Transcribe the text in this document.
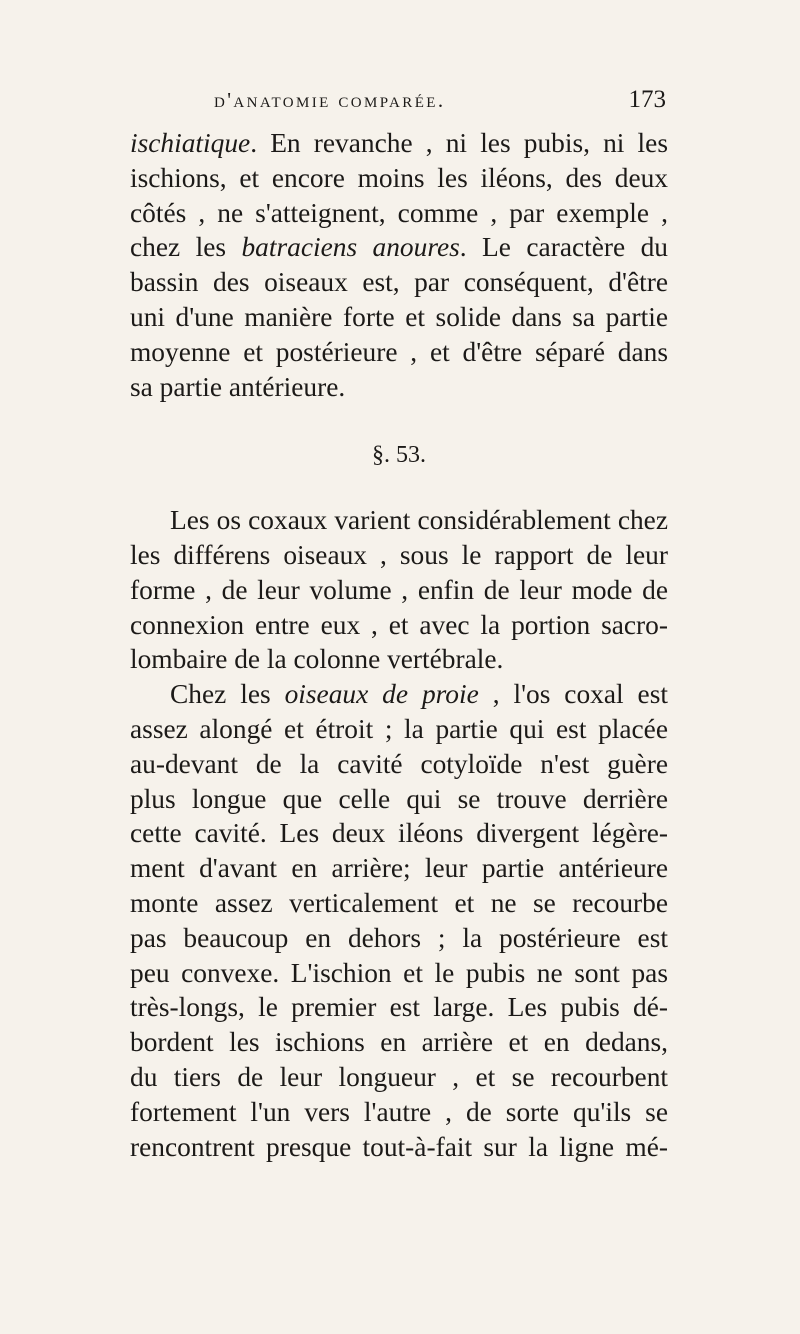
d'anatomie comparée.	173
ischiatique. En revanche , ni les pubis, ni les
ischions, et encore moins les iléons, des deux
côtés , ne s'atteignent, comme , par exemple ,
chez les batraciens anoures. Le caractère du
bassin des oiseaux est, par conséquent, d'être
uni d'une manière forte et solide dans sa partie
moyenne et postérieure , et d'être séparé dans
sa partie antérieure.
§. 53.
Les os coxaux varient considérablement chez
les différens oiseaux , sous le rapport de leur
forme , de leur volume , enfin de leur mode de
connexion entre eux , et avec la portion sacro-
lombaire de la colonne vertébrale.
Chez les oiseaux de proie , l'os coxal est
assez alongé et étroit ; la partie qui est placée
au-devant de la cavité cotyloïde n'est guère
plus longue que celle qui se trouve derrière
cette cavité. Les deux iléons divergent légère-
ment d'avant en arrière; leur partie antérieure
monte assez verticalement et ne se recourbe
pas beaucoup en dehors ; la postérieure est
peu convexe. L'ischion et le pubis ne sont pas
très-longs, le premier est large. Les pubis dé-
bordent les ischions en arrière et en dedans,
du tiers de leur longueur , et se recourbent
fortement l'un vers l'autre , de sorte qu'ils se
rencontrent presque tout-à-fait sur la ligne mé-
